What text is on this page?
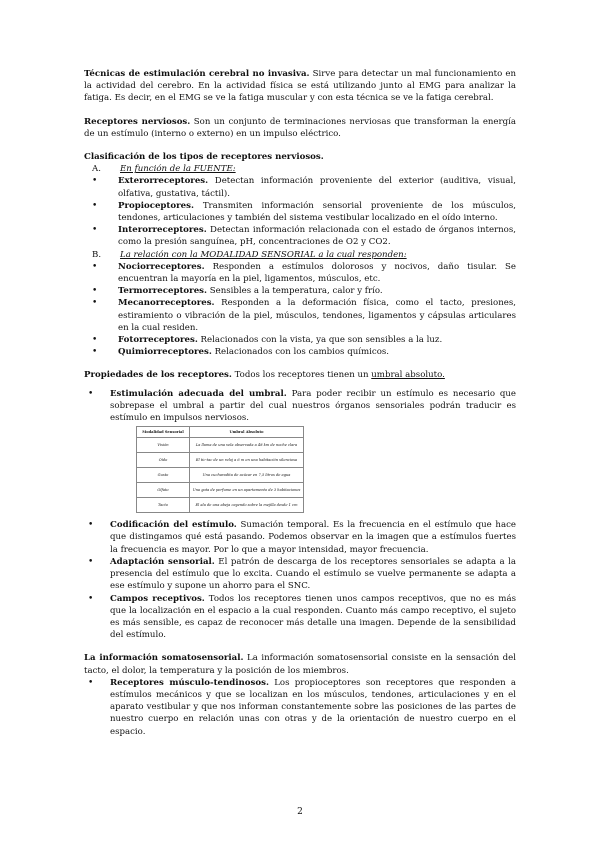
Técnicas de estimulación cerebral no invasiva. Sirve para detectar un mal funcionamiento en la actividad del cerebro. En la actividad física se está utilizando junto al EMG para analizar la fatiga. Es decir, en el EMG se ve la fatiga muscular y con esta técnica se ve la fatiga cerebral.

Receptores nerviosos. Son un conjunto de terminaciones nerviosas que transforman la energía de un estímulo (interno o externo) en un impulso eléctrico.

Clasificación de los tipos de receptores nerviosos.

A.	En función de la FUENTE:
• Exterorreceptores. Detectan información proveniente del exterior (auditiva, visual, olfativa, gustativa, táctil).
• Propioceptores. Transmiten información sensorial proveniente de los músculos, tendones, articulaciones y también del sistema vestibular localizado en el oído interno.
• Interorreceptores. Detectan información relacionada con el estado de órganos internos, como la presión sanguínea, pH, concentraciones de O2 y CO2.
B.	La relación con la MODALIDAD SENSORIAL a la cual responden:
• Nociorreceptores. Responden a estímulos dolorosos y nocivos, daño tisular. Se encuentran la mayoría en la piel, ligamentos, músculos, etc.
• Termorreceptores. Sensibles a la temperatura, calor y frío.
• Mecanorreceptores. Responden a la deformación física, como el tacto, presiones, estiramiento o vibración de la piel, músculos, tendones, ligamentos y cápsulas articulares en la cual residen.
• Fotorreceptores. Relacionados con la vista, ya que son sensibles a la luz.
• Quimiorreceptores. Relacionados con los cambios químicos.

Propiedades de los receptores. Todos los receptores tienen un umbral absoluto.

• Estimulación adecuada del umbral. Para poder recibir un estímulo es necesario que sobrepase el umbral a partir del cual nuestros órganos sensoriales podrán traducir es estímulo en impulsos nerviosos.
Modalidad Sensorial	Umbral Absoluto
Visión	La llama de una vela observada a 48 km de noche clara
Oído	El tic-tac de un reloj a 6 m en una habitación silenciosa
Gusto	Una cucharadita de azúcar en 7,5 litros de agua
Olfato	Una gota de perfume en un apartamento de 3 habitaciones
Tacto	El ala de una abeja cayendo sobre la mejilla desde 1 cm
• Codificación del estímulo. Sumación temporal. Es la frecuencia en el estímulo que hace que distingamos qué está pasando. Podemos observar en la imagen que a estímulos fuertes la frecuencia es mayor. Por lo que a mayor intensidad, mayor frecuencia.
• Adaptación sensorial. El patrón de descarga de los receptores sensoriales se adapta a la presencia del estímulo que lo excita. Cuando el estímulo se vuelve permanente se adapta a ese estímulo y supone un ahorro para el SNC.
• Campos receptivos. Todos los receptores tienen unos campos receptivos, que no es más que la localización en el espacio a la cual responden. Cuanto más campo receptivo, el sujeto es más sensible, es capaz de reconocer más detalle una imagen. Depende de la sensibilidad del estímulo.

La información somatosensorial. La información somatosensorial consiste en la sensación del tacto, el dolor, la temperatura y la posición de los miembros.

• Receptores músculo-tendinosos. Los propioceptores son receptores que responden a estímulos mecánicos y que se localizan en los músculos, tendones, articulaciones y en el aparato vestibular y que nos informan constantemente sobre las posiciones de las partes de nuestro cuerpo en relación unas con otras y de la orientación de nuestro cuerpo en el espacio.
2
